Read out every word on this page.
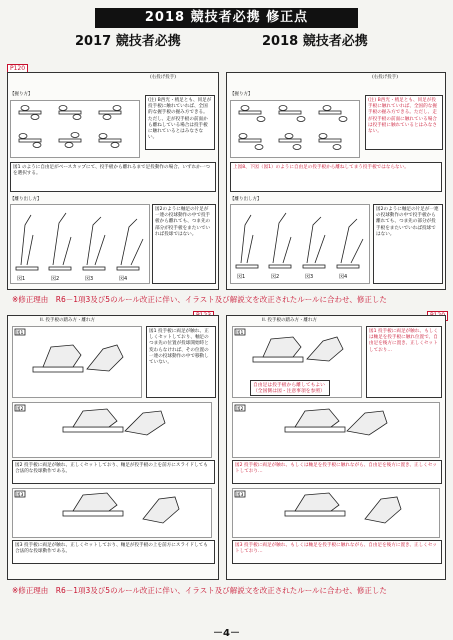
2018 競技者必携 修正点
2017 競技者必携	2018 競技者必携
P120
(右投げ投手)
【握り方】
(注) B西光・楕足とも、同足が投手板に触れていれば、全国的な握手板の握み方できる。ただし、走が投手板の前面から離ねしている場合は投手板に触れているとはみなさない。
図1 のように自由足がベースカップにて、投手板から離れるまで足投動作の場合、いずれか一つを選択する。
【離り出し方】
図1	図2	図3	図4
図2のように軸足の片足が一連の投球動作の中で投手板から離れても、つま先の部分が投手板をまたいでいれば投球ではない。
(右投げ投手)
【握り方】
(注) B西光・楕足とも、同足が投手板に触れていれば、全国的な握手板の握み方できる。ただし、走が投手板の前面に触れている場合は投手板に触れているとはみなさない。
上図8、下図（図1）のように自由足の投手板から離ねしてまう投手板ではならない。
【離り出し方】
図1	図2	図3	図4
図2のように軸足の片足が一連の投球動作の中で投手板から離れても、つま先の部分が投手板をまたいでいれば投球ではない。
※修正理由　R6－1項3及び5のルール改正に伴い、イラスト及び解説文を改正されたルールに合わせ、修正した
II. 投手板の踏み方・離れ方
図1	図1 投手板に両足が触れ、正しくセットしており、軸足のつま先の位置が投球開始時と変わらなければ、その位置の一連の投球動作の中で移動していない。
図2
図2 投手板に両足が触れ、正しくセットしており、軸足が投手板の上を前方にスライドしても合法的な投球動作である。
図3
図3 投手板に両足が触れ、正しくセットしており、軸足が投手板の上を前方にスライドしても合法的な投球動作である。
II. 投手板の踏み方・離れ方
図1
自由足は投手板から離してもよい（全国側は図・注意事項を参照）
図1 投手板に両足が触れ、もしくは軸足を投手板に触れ位置で、自由足を後方に置き、正しくセットしており…
図2
図2 投手板に両足が触れ、もしくは軸足を投手板に触れながら、自由足を後方に置き、正しくセットしており…
図3
図3 投手板に両足が触れ、もしくは軸足を投手板に触れながら、自由足を後方に置き、正しくセットしており…
※修正理由　R6－1項3及び5のルール改正に伴い、イラスト及び解説文を改正されたルールに合わせ、修正した
－4－
